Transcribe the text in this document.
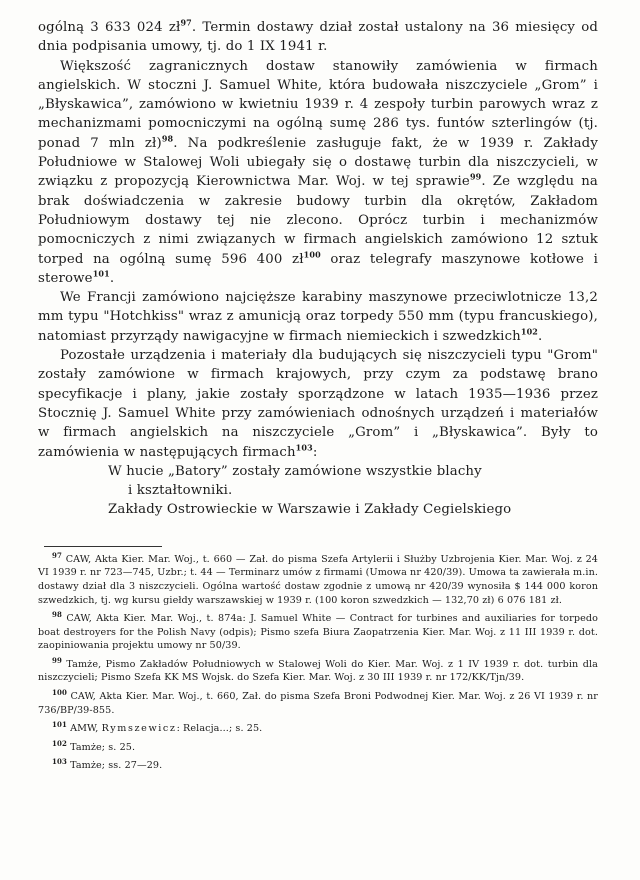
ogólną 3 633 024 zł$^{97}$. Termin dostawy dział został ustalony na 36 miesięcy od dnia podpisania umowy, tj. do 1 IX 1941 r.

Większość zagranicznych dostaw stanowiły zamówienia w firmach angielskich. W stoczni J. Samuel White, która budowała niszczyciele „Grom” i „Błyskawica”, zamówiono w kwietniu 1939 r. 4 zespoły turbin parowych wraz z mechanizmami pomocniczymi na ogólną sumę 286 tys. funtów szterlingów (tj. ponad 7 mln zł)$^{98}$. Na podkreślenie zasługuje fakt, że w 1939 r. Zakłady Południowe w Stalowej Woli ubiegały się o dostawę turbin dla niszczycieli, w związku z propozycją Kierownictwa Mar. Woj. w tej sprawie$^{99}$. Ze względu na brak doświadczenia w zakresie budowy turbin dla okrętów, Zakładom Południowym dostawy tej nie zlecono. Oprócz turbin i mechanizmów pomocniczych z nimi związanych w firmach angielskich zamówiono 12 sztuk torped na ogólną sumę 596 400 zł$^{100}$ oraz telegrafy maszynowe kotłowe i sterowe$^{101}$.

We Francji zamówiono najcięższe karabiny maszynowe przeciwlotnicze 13,2 mm typu "Hotchkiss" wraz z amunicją oraz torpedy 550 mm (typu francuskiego), natomiast przyrządy nawigacyjne w firmach niemieckich i szwedzkich$^{102}$.

Pozostałe urządzenia i materiały dla budujących się niszczycieli typu "Grom" zostały zamówione w firmach krajowych, przy czym za podstawę brano specyfikacje i plany, jakie zostały sporządzone w latach 1935—1936 przez Stocznię J. Samuel White przy zamówieniach odnośnych urządzeń i materiałów w firmach angielskich na niszczyciele „Grom” i „Błyskawica”. Były to zamówienia w następujących firmach$^{103}$:

W hucie „Batory” zostały zamówione wszystkie blachy

i kształtowniki.

Zakłady Ostrowieckie w Warszawie i Zakłady Cegielskiego

$^{97}$ CAW, Akta Kier. Mar. Woj., t. 660 — Zał. do pisma Szefa Artylerii i Służby Uzbrojenia Kier. Mar. Woj. z 24 VI 1939 r. nr 723—745, Uzbr.; t. 44 — Terminarz umów z firmami (Umowa nr 420/39). Umowa ta zawierała m.in. dostawy dział dla 3 niszczycieli. Ogólna wartość dostaw zgodnie z umową nr 420/39 wynosiła $ 144 000 koron szwedzkich, tj. wg kursu giełdy warszawskiej w 1939 r. (100 koron szwedzkich — 132,70 zł) 6 076 181 zł.

$^{98}$ CAW, Akta Kier. Mar. Woj., t. 874a: J. Samuel White — Contract for turbines and auxiliaries for torpedo boat destroyers for the Polish Navy (odpis); Pismo szefa Biura Zaopatrzenia Kier. Mar. Woj. z 11 III 1939 r. dot. zaopiniowania projektu umowy nr 50/39.

$^{99}$ Tamże, Pismo Zakładów Południowych w Stalowej Woli do Kier. Mar. Woj. z 1 IV 1939 r. dot. turbin dla niszczycieli; Pismo Szefa KK MS Wojsk. do Szefa Kier. Mar. Woj. z 30 III 1939 r. nr 172/KK/Tjn/39.

$^{100}$ CAW, Akta Kier. Mar. Woj., t. 660, Zał. do pisma Szefa Broni Podwodnej Kier. Mar. Woj. z 26 VI 1939 r. nr 736/BP/39-855.

$^{101}$ AMW, Rymszewicz: Relacja...; s. 25.

$^{102}$ Tamże; s. 25.

$^{103}$ Tamże; ss. 27—29.
